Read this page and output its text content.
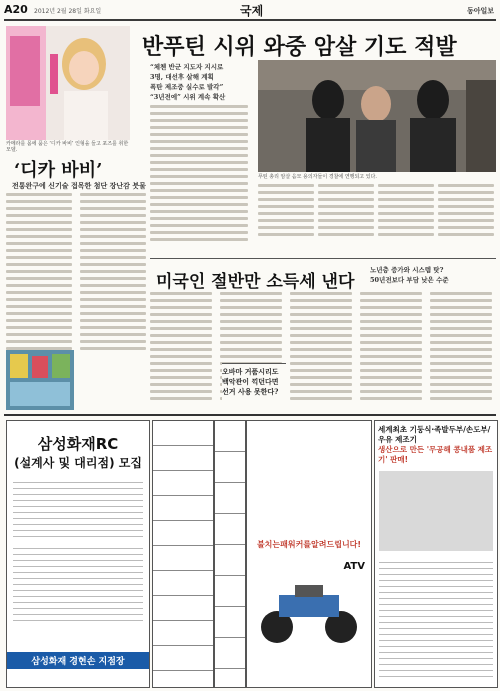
A20 2012년 2월 28일 화요일	국제	동아일보
카메라를 몸에 품은 ‘디카 바비’ 인형을 들고 포즈를 취한 모델.
‘디카 바비’
전통완구에 신기술 접목한 첨단 장난감 붓물
반푸틴 시위 와중 암살 기도 적발
“체첸 반군 지도자 지시로
3명, 대선후 살해 계획
폭탄 제조중 실수로 발각”
“3년전에” 시위 계속 확산
푸틴 총리 암살 음모 용의자들이 경찰에 연행되고 있다.
미국인 절반만 소득세 낸다
노년층 증가와 시스템 탓?
50년전보다 부담 낮은 수준
오바마 거품시리도
백악관이 끽던다면
선거 사용 못한다?
삼성화재RC
(설계사 및 대리점) 모집
삼성화재 경현손 지점장
불치는패워커를알려드립니다!
ATV
세계최초 기둥식·족발두부/손도부/우유 제조기
생산으로 만든 '무공해 콩내품 제조기' 판매!
